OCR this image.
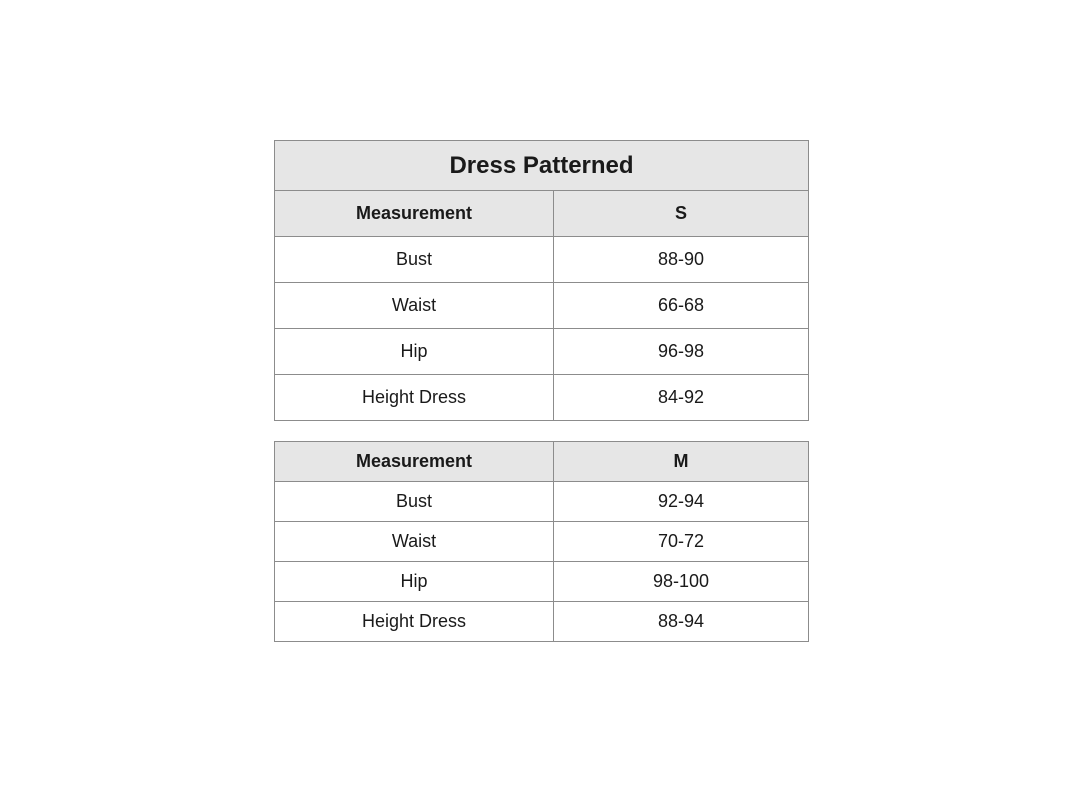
Dress Patterned	
Measurement	S
Bust	88-90
Waist	66-68
Hip	96-98
Height Dress	84-92
Measurement	M
Bust	92-94
Waist	70-72
Hip	98-100
Height Dress	88-94
